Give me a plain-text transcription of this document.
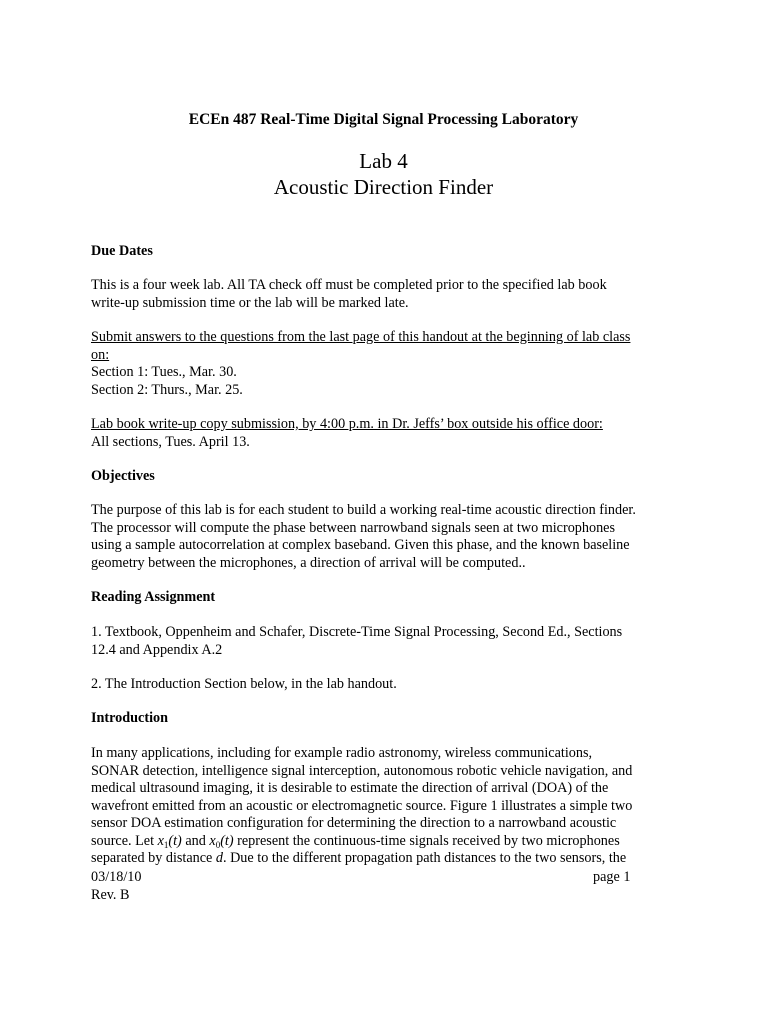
ECEn 487 Real-Time Digital Signal Processing Laboratory
Lab 4
Acoustic Direction Finder
Due Dates
This is a four week lab. All TA check off must be completed prior to the specified lab book
write-up submission time or the lab will be marked late.
Submit answers to the questions from the last page of this handout at the beginning of lab class
on:
Section 1: Tues., Mar. 30.
Section 2: Thurs., Mar. 25.
Lab book write-up copy submission, by 4:00 p.m. in Dr. Jeffs’ box outside his office door:
All sections, Tues. April 13.
Objectives
The purpose of this lab is for each student to build a working real-time acoustic direction finder.
The processor will compute the phase between narrowband signals seen at two microphones
using a sample autocorrelation at complex baseband. Given this phase, and the known baseline
geometry between the microphones, a direction of arrival will be computed..
Reading Assignment
1. Textbook, Oppenheim and Schafer, Discrete-Time Signal Processing, Second Ed., Sections
12.4 and Appendix A.2
2. The Introduction Section below, in the lab handout.
Introduction
In many applications, including for example radio astronomy, wireless communications,
SONAR detection, intelligence signal interception, autonomous robotic vehicle navigation, and
medical ultrasound imaging, it is desirable to estimate the direction of arrival (DOA) of the
wavefront emitted from an acoustic or electromagnetic source. Figure 1 illustrates a simple two
sensor DOA estimation configuration for determining the direction to a narrowband acoustic
source. Let $x_1(t)$ and $x_0(t)$ represent the continuous-time signals received by two microphones
separated by distance d. Due to the different propagation path distances to the two sensors, the
03/18/10	page 1
Rev. B
